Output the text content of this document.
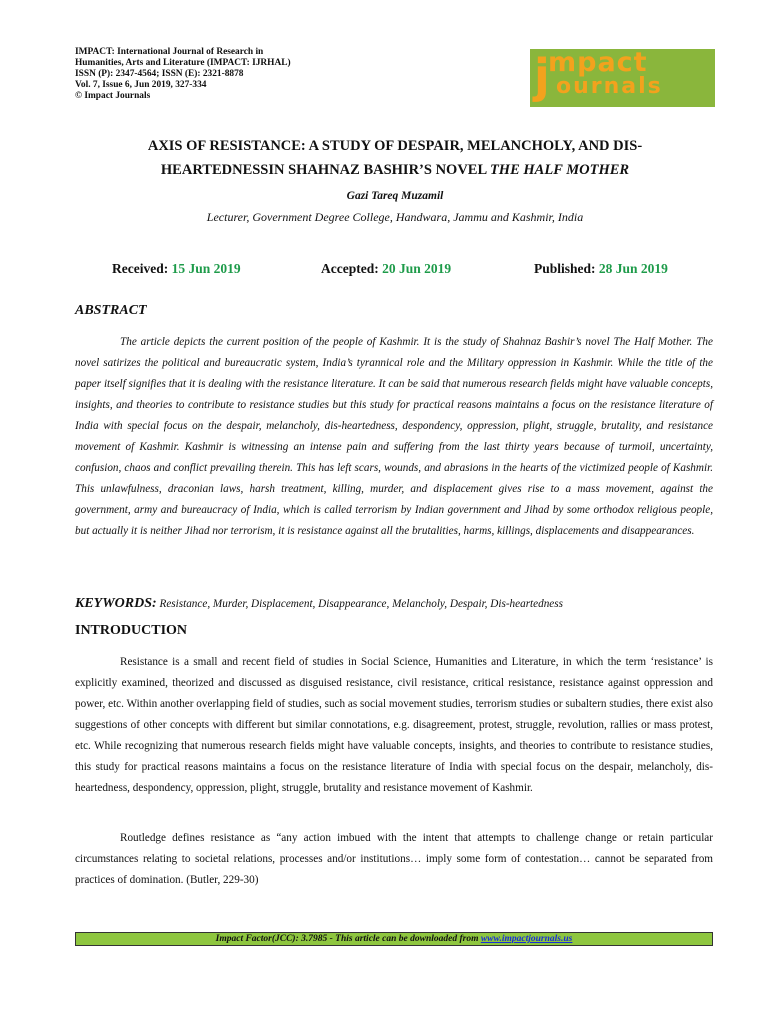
IMPACT: International Journal of Research in
Humanities, Arts and Literature (IMPACT: IJRHAL)
ISSN (P): 2347-4564; ISSN (E): 2321-8878
Vol. 7, Issue 6, Jun 2019, 327-334
© Impact Journals	j
mpact
ournals
AXIS OF RESISTANCE: A STUDY OF DESPAIR, MELANCHOLY, AND DIS-
HEARTEDNESSIN SHAHNAZ BASHIR’S NOVEL THE HALF MOTHER
Gazi Tareq Muzamil
Lecturer, Government Degree College, Handwara, Jammu and Kashmir, India
Received: 15 Jun 2019	Accepted: 20 Jun 2019	Published: 28 Jun 2019
ABSTRACT
The article depicts the current position of the people of Kashmir. It is the study of Shahnaz Bashir’s novel The Half Mother. The novel satirizes the political and bureaucratic system, India’s tyrannical role and the Military oppression in Kashmir. While the title of the paper itself signifies that it is dealing with the resistance literature. It can be said that numerous research fields might have valuable concepts, insights, and theories to contribute to resistance studies but this study for practical reasons maintains a focus on the resistance literature of India with special focus on the despair, melancholy, dis-heartedness, despondency, oppression, plight, struggle, brutality, and resistance movement of Kashmir. Kashmir is witnessing an intense pain and suffering from the last thirty years because of turmoil, uncertainty, confusion, chaos and conflict prevailing therein. This has left scars, wounds, and abrasions in the hearts of the victimized people of Kashmir. This unlawfulness, draconian laws, harsh treatment, killing, murder, and displacement gives rise to a mass movement, against the government, army and bureaucracy of India, which is called terrorism by Indian government and Jihad by some orthodox religious people, but actually it is neither Jihad nor terrorism, it is resistance against all the brutalities, harms, killings, displacements and disappearances.
KEYWORDS: Resistance, Murder, Displacement, Disappearance, Melancholy, Despair, Dis-heartedness
INTRODUCTION
Resistance is a small and recent field of studies in Social Science, Humanities and Literature, in which the term ‘resistance’ is explicitly examined, theorized and discussed as disguised resistance, civil resistance, critical resistance, resistance against oppression and power, etc. Within another overlapping field of studies, such as social movement studies, terrorism studies or subaltern studies, there exist also suggestions of other concepts with different but similar connotations, e.g. disagreement, protest, struggle, revolution, rallies or mass protest, etc. While recognizing that numerous research fields might have valuable concepts, insights, and theories to contribute to resistance studies, this study for practical reasons maintains a focus on the resistance literature of India with special focus on the despair, melancholy, dis-heartedness, despondency, oppression, plight, struggle, brutality and resistance movement of Kashmir.
Routledge defines resistance as “any action imbued with the intent that attempts to challenge change or retain particular circumstances relating to societal relations, processes and/or institutions… imply some form of contestation… cannot be separated from practices of domination. (Butler, 229-30)
Impact Factor(JCC): 3.7985 - This article can be downloaded from www.impactjournals.us
